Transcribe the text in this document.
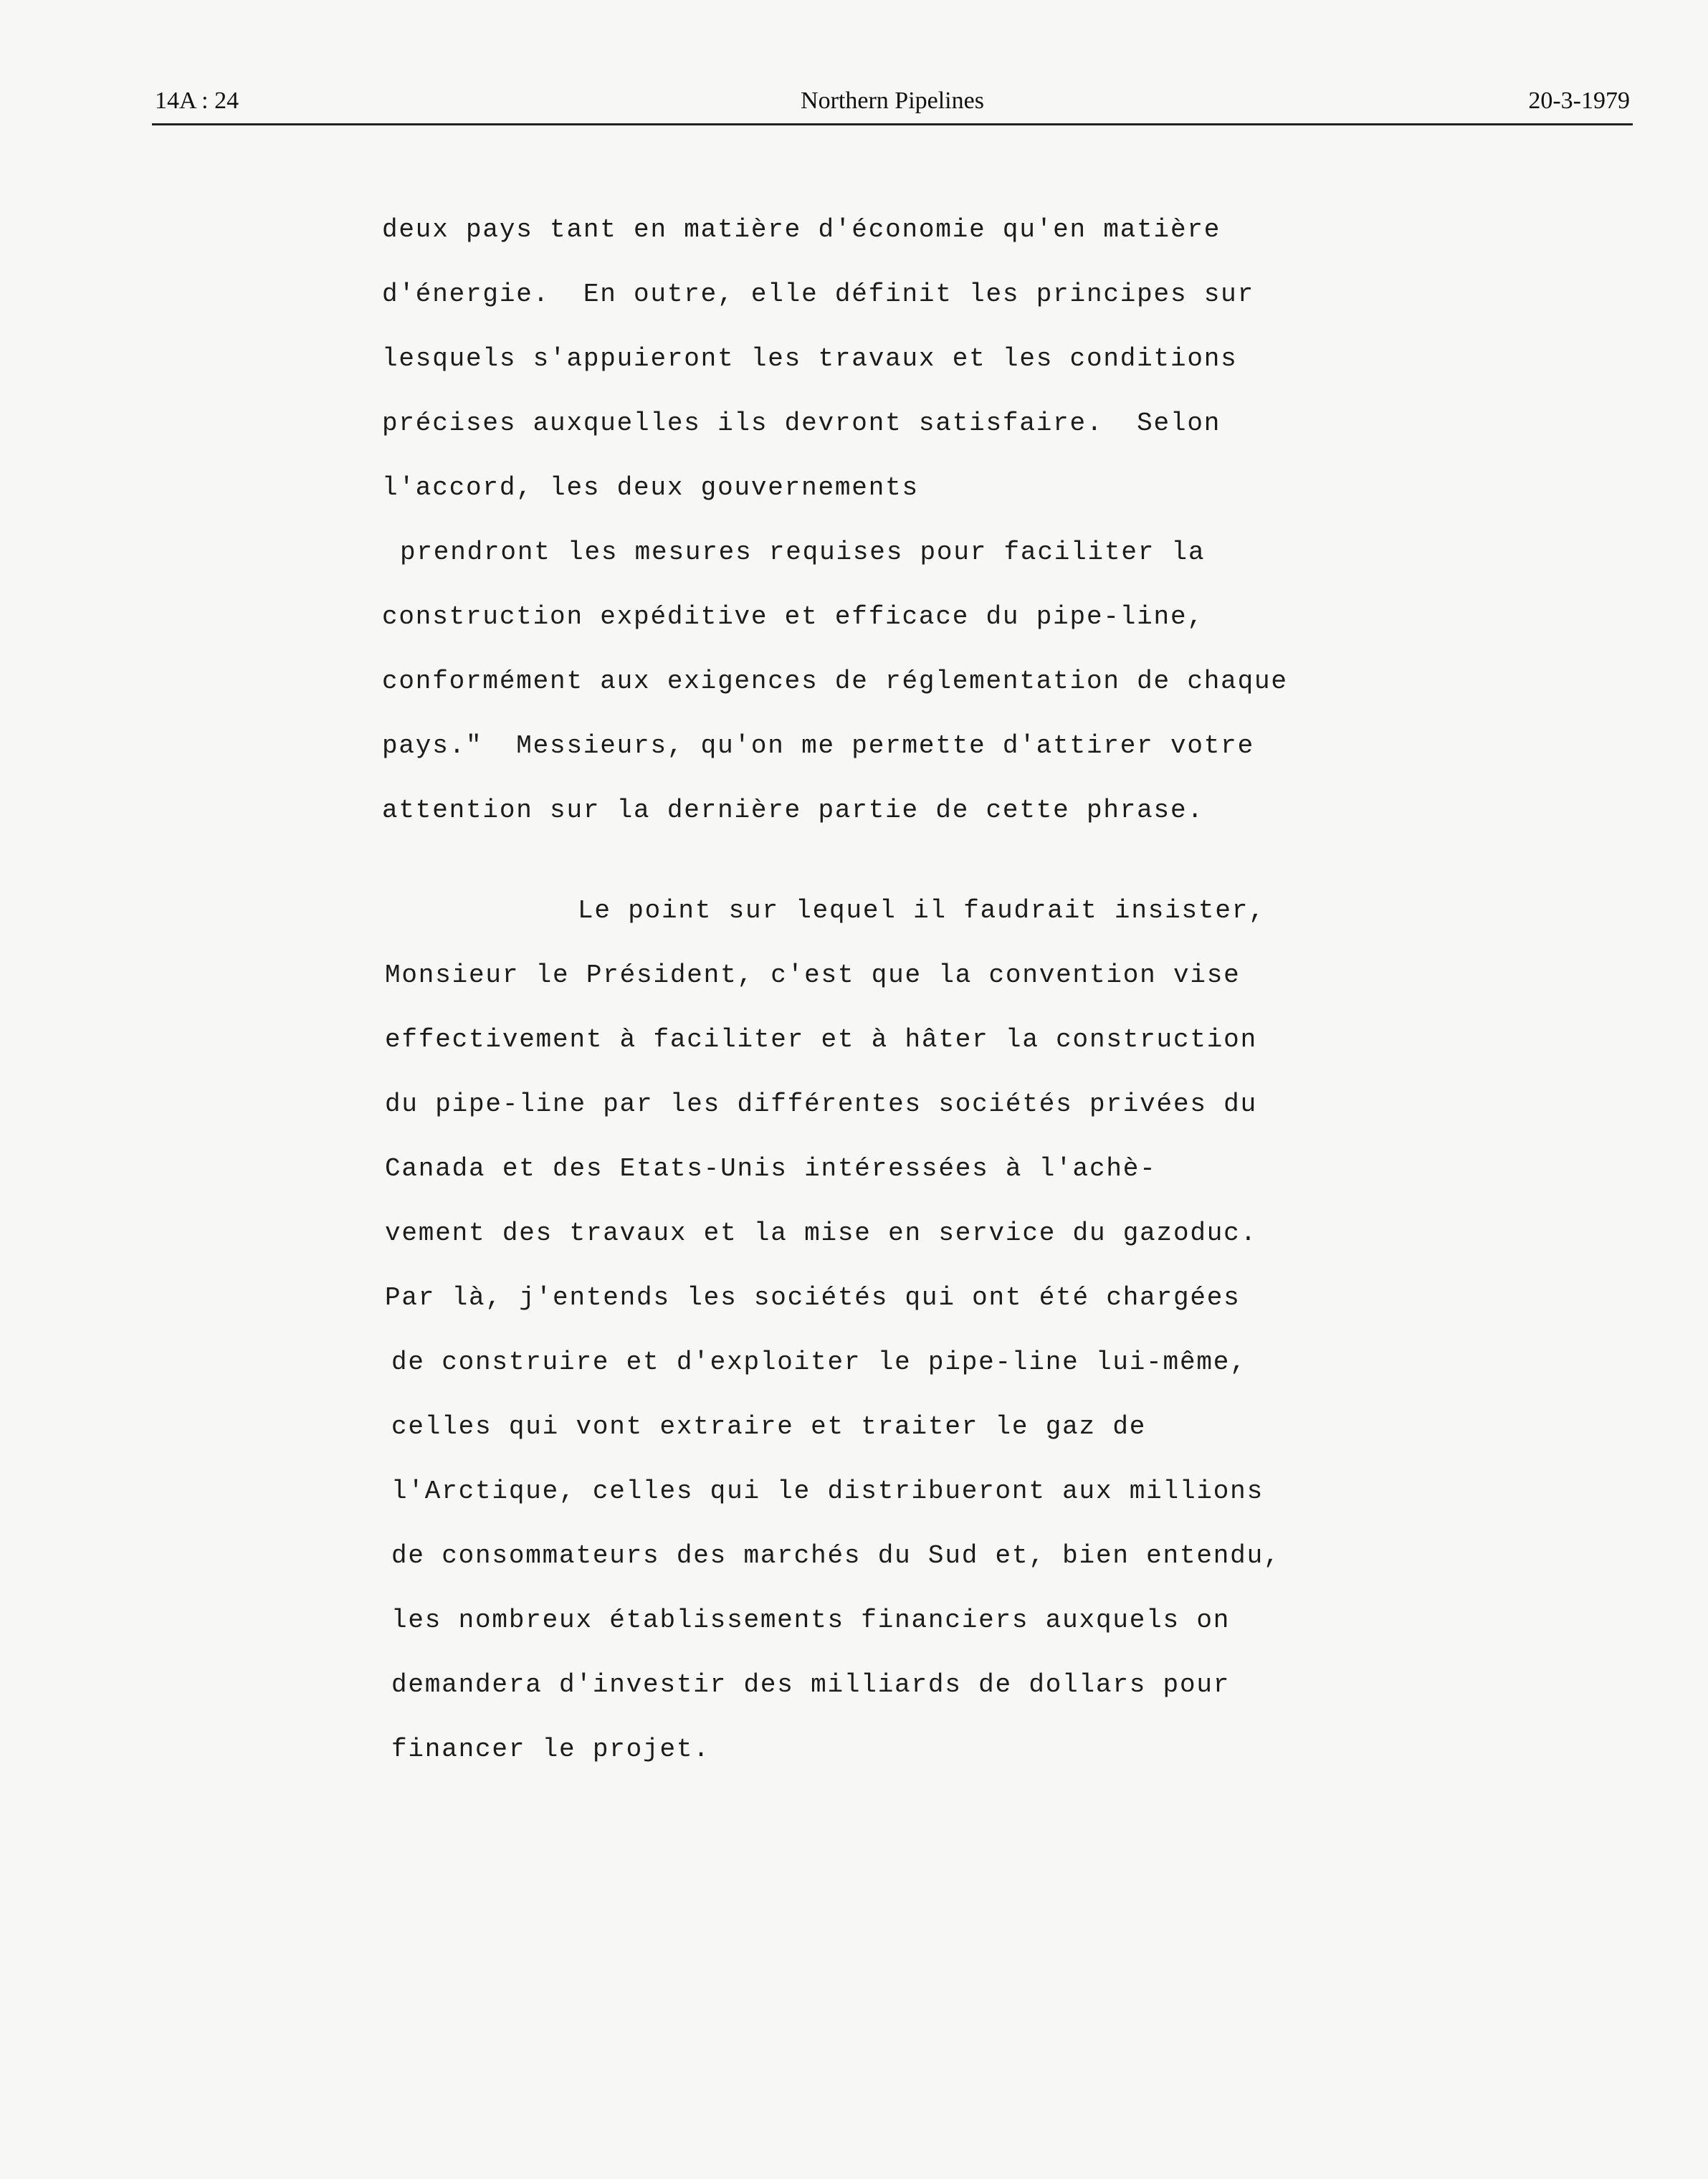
14A : 24	Northern Pipelines	20-3-1979
deux pays tant en matière d'économie qu'en matière
d'énergie.  En outre, elle définit les principes sur
lesquels s'appuieront les travaux et les conditions
précises auxquelles ils devront satisfaire.  Selon
l'accord, les deux gouvernements
prendront les mesures requises pour faciliter la
construction expéditive et efficace du pipe-line,
conformément aux exigences de réglementation de chaque
pays."  Messieurs, qu'on me permette d'attirer votre
attention sur la dernière partie de cette phrase.
Le point sur lequel il faudrait insister,
Monsieur le Président, c'est que la convention vise
effectivement à faciliter et à hâter la construction
du pipe-line par les différentes sociétés privées du
Canada et des Etats-Unis intéressées à l'achè-
vement des travaux et la mise en service du gazoduc.
Par là, j'entends les sociétés qui ont été chargées
de construire et d'exploiter le pipe-line lui-même,
celles qui vont extraire et traiter le gaz de
l'Arctique, celles qui le distribueront aux millions
de consommateurs des marchés du Sud et, bien entendu,
les nombreux établissements financiers auxquels on
demandera d'investir des milliards de dollars pour
financer le projet.
